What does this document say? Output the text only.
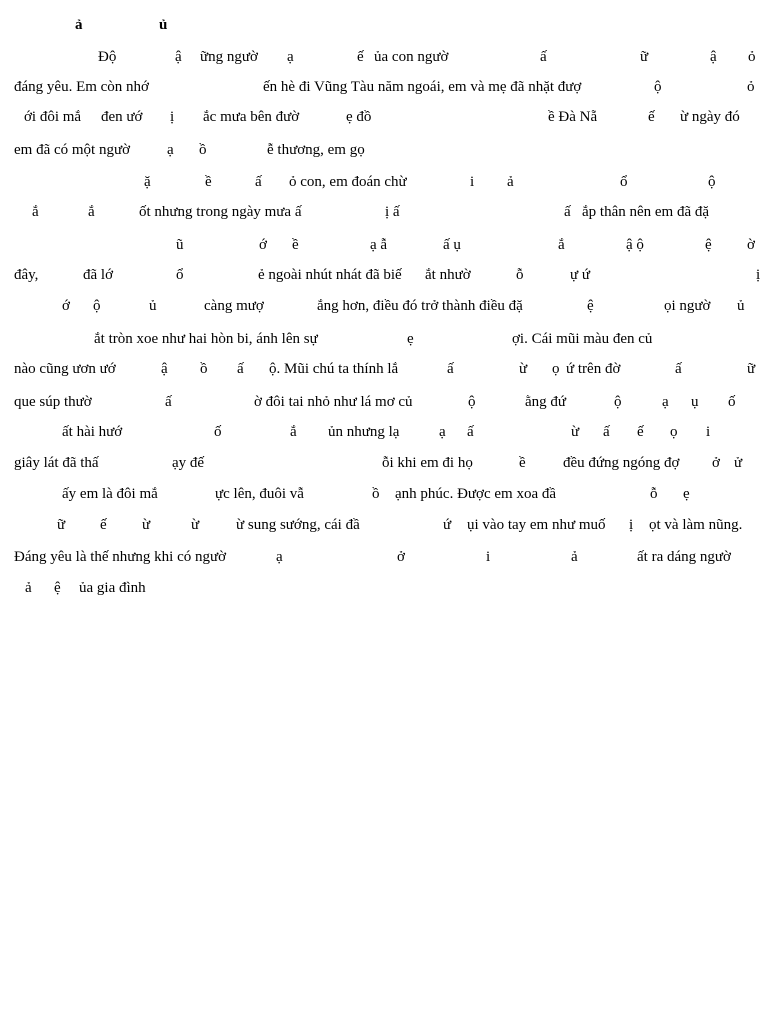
ả	ủ
Độ	ậ ững ngườ ạ	ế ủa con ngườ	ấ	ữ	ậ ỏ
đáng yêu. Em còn nhớ	ến hè đi Vũng Tàu năm ngoái, em và mẹ đã nhặt đượ	ộ	ỏ
ới đôi mắ đen ướ ị ắc mưa bên đườ	ẹ đồ	ề Đà Nẵ	ế ừ ngày đó
em đã có một ngườ ạ ồ	ễ thương, em gọ
ặ	ề	ấ ỏ con, em đoán chừ	i ả	ổ	ộ
ắ	ắ	ốt nhưng trong ngày mưa ấ	ị ấ	ấ ắp thân nên em đã đặ
ũ	ớ ề	ạ ẫ	ấ ụ	ắ	ậ ộ	ệ ờ
đây,	đã lớ	ổ	ẻ ngoài nhút nhát đã biế ắt nhườ	ỗ	ự ứ	ị
ớ ộ	ủ	càng mượ	ắng hơn, điều đó trở thành điều đặ	ệ	ọi ngườ ủ
ắt tròn xoe như hai hòn bi, ánh lên sự	ẹ	ợi. Cái mũi màu đen củ
nào cũng ươn ướ	ậ ồ ấ ộ. Mũi chú ta thính lắ	ấ	ừ ọ ứ trên đờ	ấ	ữ
que súp thườ	ấ	ờ đôi tai nhỏ như lá mơ củ	ộ	ằng đứ	ộ	ạ ụ ố
ất hài hướ	ố	ắ ủn nhưng lạ	ạ ấ	ừ ấ ế ọ i
giây lát đã thấ	ạy đế	ỗi khi em đi họ	ề đều đứng ngóng đợ ở ử
ấy em là đôi mắ	ực lên, đuôi vẫ	ồ ạnh phúc. Được em xoa đầ	ỗ ẹ
ữ ế ừ	ừ ừ sung sướng, cái đầ	ứ ụi vào tay em như muố ị ọt và làm nũng.
Đáng yêu là thế nhưng khi có ngườ	ạ	ở	i	ả	ất ra dáng ngườ
ả ệ ủa gia đình
